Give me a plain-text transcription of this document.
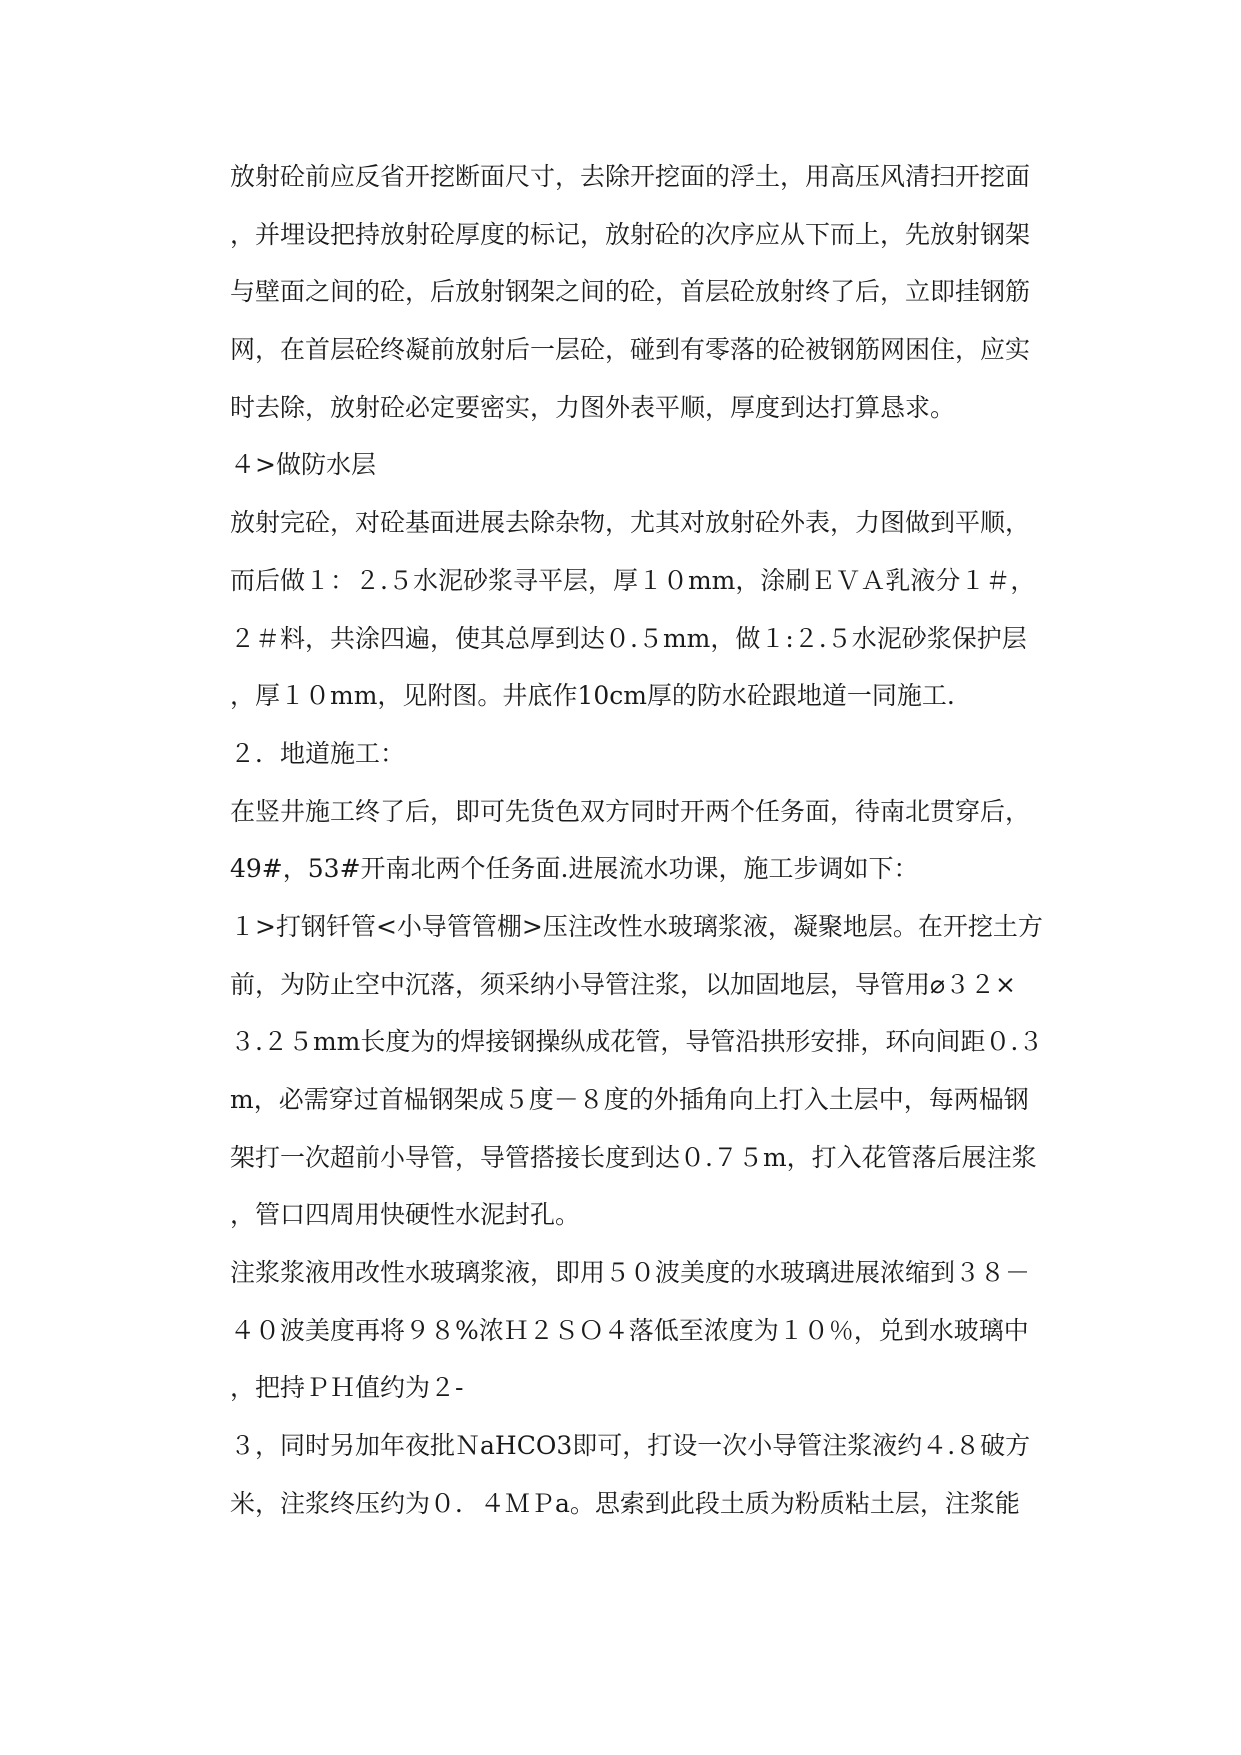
放射砼前应反省开挖断面尺寸，去除开挖面的浮土，用高压风清扫开挖面
，并埋设把持放射砼厚度的标记，放射砼的次序应从下而上，先放射钢架
与壁面之间的砼，后放射钢架之间的砼，首层砼放射终了后，立即挂钢筋
网，在首层砼终凝前放射后一层砼，碰到有零落的砼被钢筋网困住，应实
时去除，放射砼必定要密实，力图外表平顺，厚度到达打算恳求。
４>做防水层
放射完砼，对砼基面进展去除杂物，尤其对放射砼外表，力图做到平顺，
而后做１：２.５水泥砂浆寻平层，厚１０mm，涂刷ＥＶＡ乳液分１＃，
２＃料，共涂四遍，使其总厚到达０.５mm，做１:２.５水泥砂浆保护层
，厚１０mm，见附图。井底作10cm厚的防水砼跟地道一同施工.
２．地道施工：
在竖井施工终了后，即可先货色双方同时开两个任务面，待南北贯穿后，
49#，53#开南北两个任务面.进展流水功课，施工步调如下：
１>打钢钎管<小导管管棚>压注改性水玻璃浆液，凝聚地层。在开挖土方
前，为防止空中沉落，须采纳小导管注浆，以加固地层，导管用⌀３２×
３.２５mm长度为的焊接钢操纵成花管，导管沿拱形安排，环向间距０.３
m，必需穿过首榀钢架成５度－８度的外插角向上打入土层中，每两榀钢
架打一次超前小导管，导管搭接长度到达０.７５m，打入花管落后展注浆
，管口四周用快硬性水泥封孔。
注浆浆液用改性水玻璃浆液，即用５０波美度的水玻璃进展浓缩到３８－
４０波美度再将９８%浓Ｈ２ＳＯ４落低至浓度为１０％，兑到水玻璃中
，把持ＰＨ值约为２-
３，同时另加年夜批ＮaHCO3即可，打设一次小导管注浆液约４.８破方
米，注浆终压约为０．４ＭＰa。思索到此段土质为粉质粘土层，注浆能
